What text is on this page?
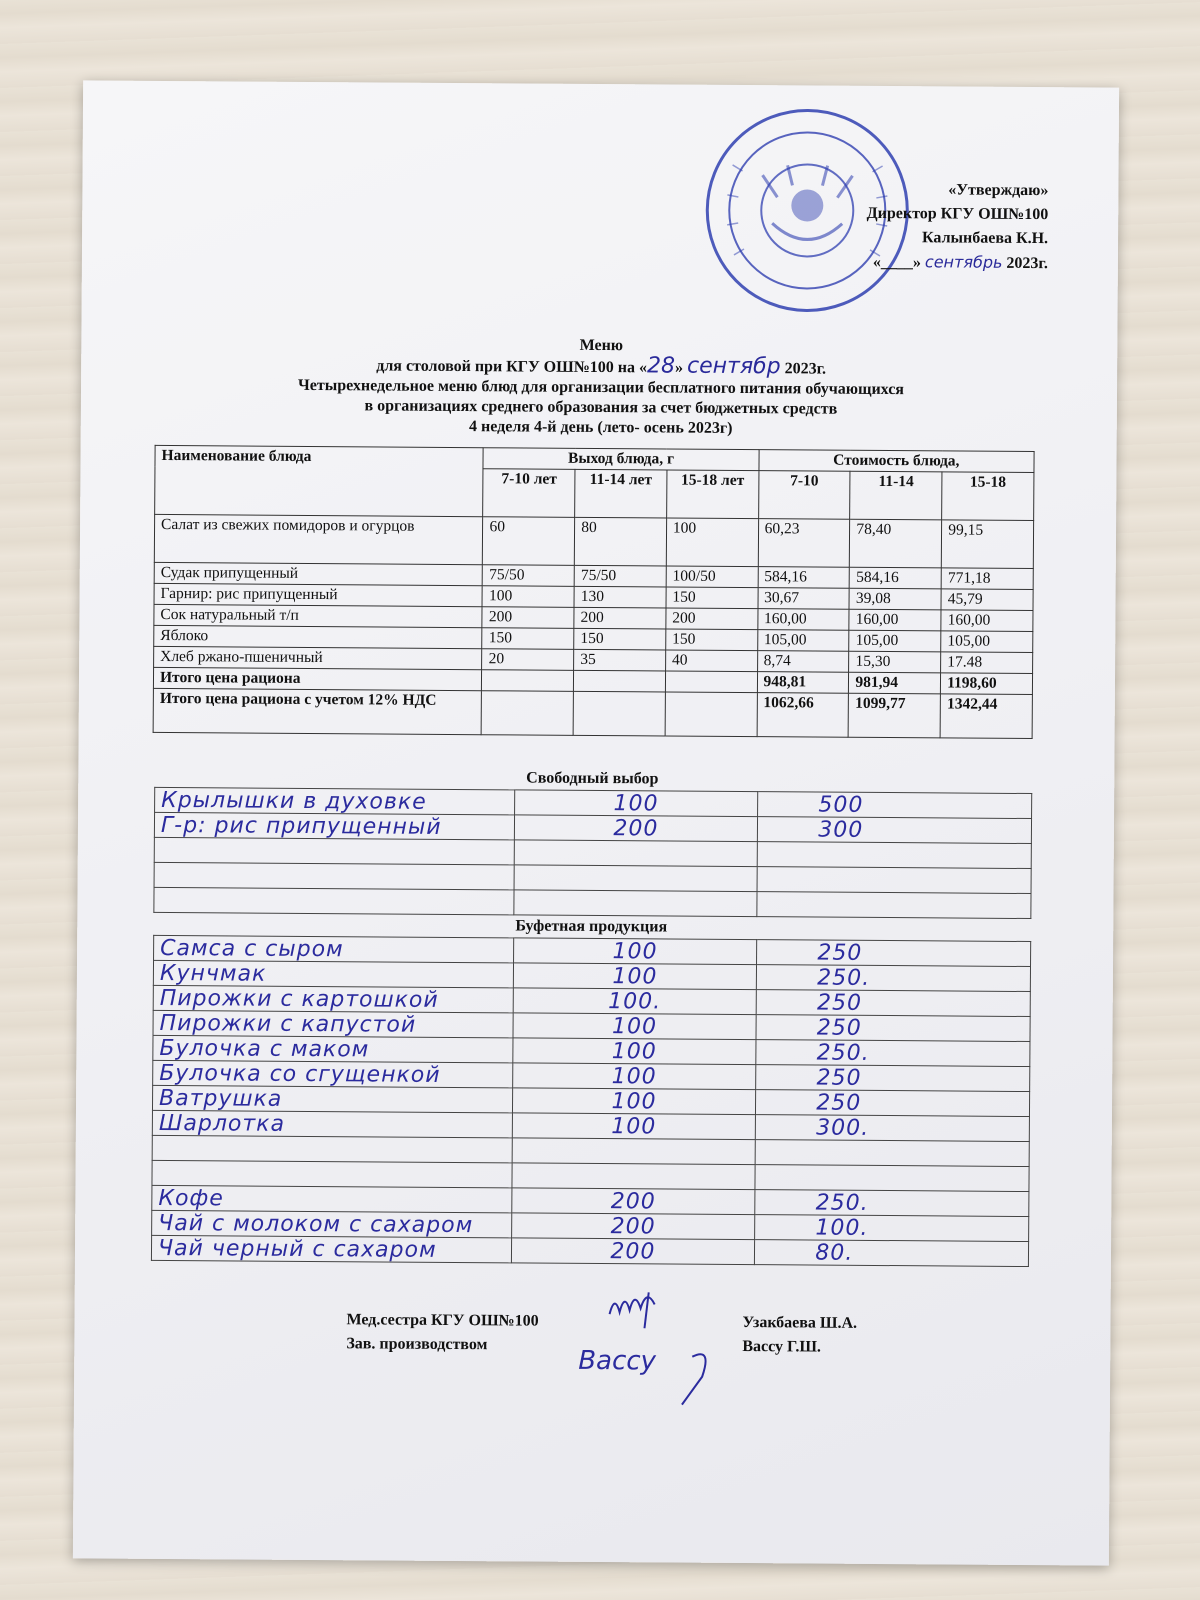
«Утверждаю»
Директор КГУ ОШ№100
Калынбаева К.Н.
«____» сентябрь 2023г.
Меню
для столовой при КГУ ОШ№100 на «28» сентябр 2023г.
Четырехнедельное меню блюд для организации бесплатного питания обучающихся
в организациях среднего образования за счет бюджетных средств
4 неделя 4-й день (лето- осень 2023г)
Наименование блюда	Выход блюда, г			Стоимость блюда,		
	7-10 лет	11-14 лет	15-18 лет	7-10	11-14	15-18
Салат из свежих помидоров и огурцов	60	80	100	60,23	78,40	99,15
Судак припущенный	75/50	75/50	100/50	584,16	584,16	771,18
Гарнир: рис припущенный	100	130	150	30,67	39,08	45,79
Сок натуральный т/п	200	200	200	160,00	160,00	160,00
Яблоко	150	150	150	105,00	105,00	105,00
Хлеб ржано-пшеничный	20	35	40	8,74	15,30	17.48
Итого цена рациона				948,81	981,94	1198,60
Итого цена рациона с учетом 12% НДС				1062,66	1099,77	1342,44
Свободный выбор
Крылышки в духовке	100	500
Г-р: рис припущенный	200	300

Буфетная продукция
Самса с сыром	100	250
Кунчмак	100	250.
Пирожки с картошкой	100.	250
Пирожки с капустой	100	250
Булочка с маком	100	250.
Булочка со сгущенкой	100	250
Ватрушка	100	250
Шарлотка	100	300.

Кофе	200	250.
Чай с молоком с сахаром	200	100.
Чай черный с сахаром	200	80.
Мед.сестра КГУ ОШ№100	Узакбаева Ш.А.
Зав. производством	Вассу Г.Ш.
Вассу
